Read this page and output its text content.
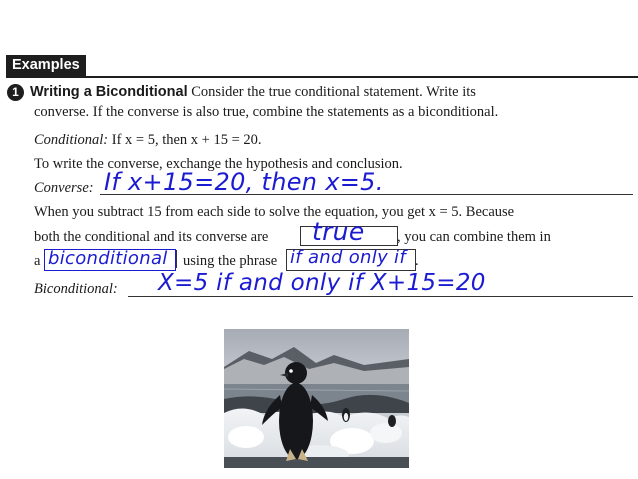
Examples
1 Writing a Biconditional Consider the true conditional statement. Write its
converse. If the converse is also true, combine the statements as a biconditional.
Conditional: If x = 5, then x + 15 = 20.
To write the converse, exchange the hypothesis and conclusion.
Converse: If x+15=20, then x=5.
When you subtract 15 from each side to solve the equation, you get x = 5. Because
both the conditional and its converse are true , you can combine them in
a biconditional using the phrase if and only if .
Biconditional: X=5 if and only if X+15=20
